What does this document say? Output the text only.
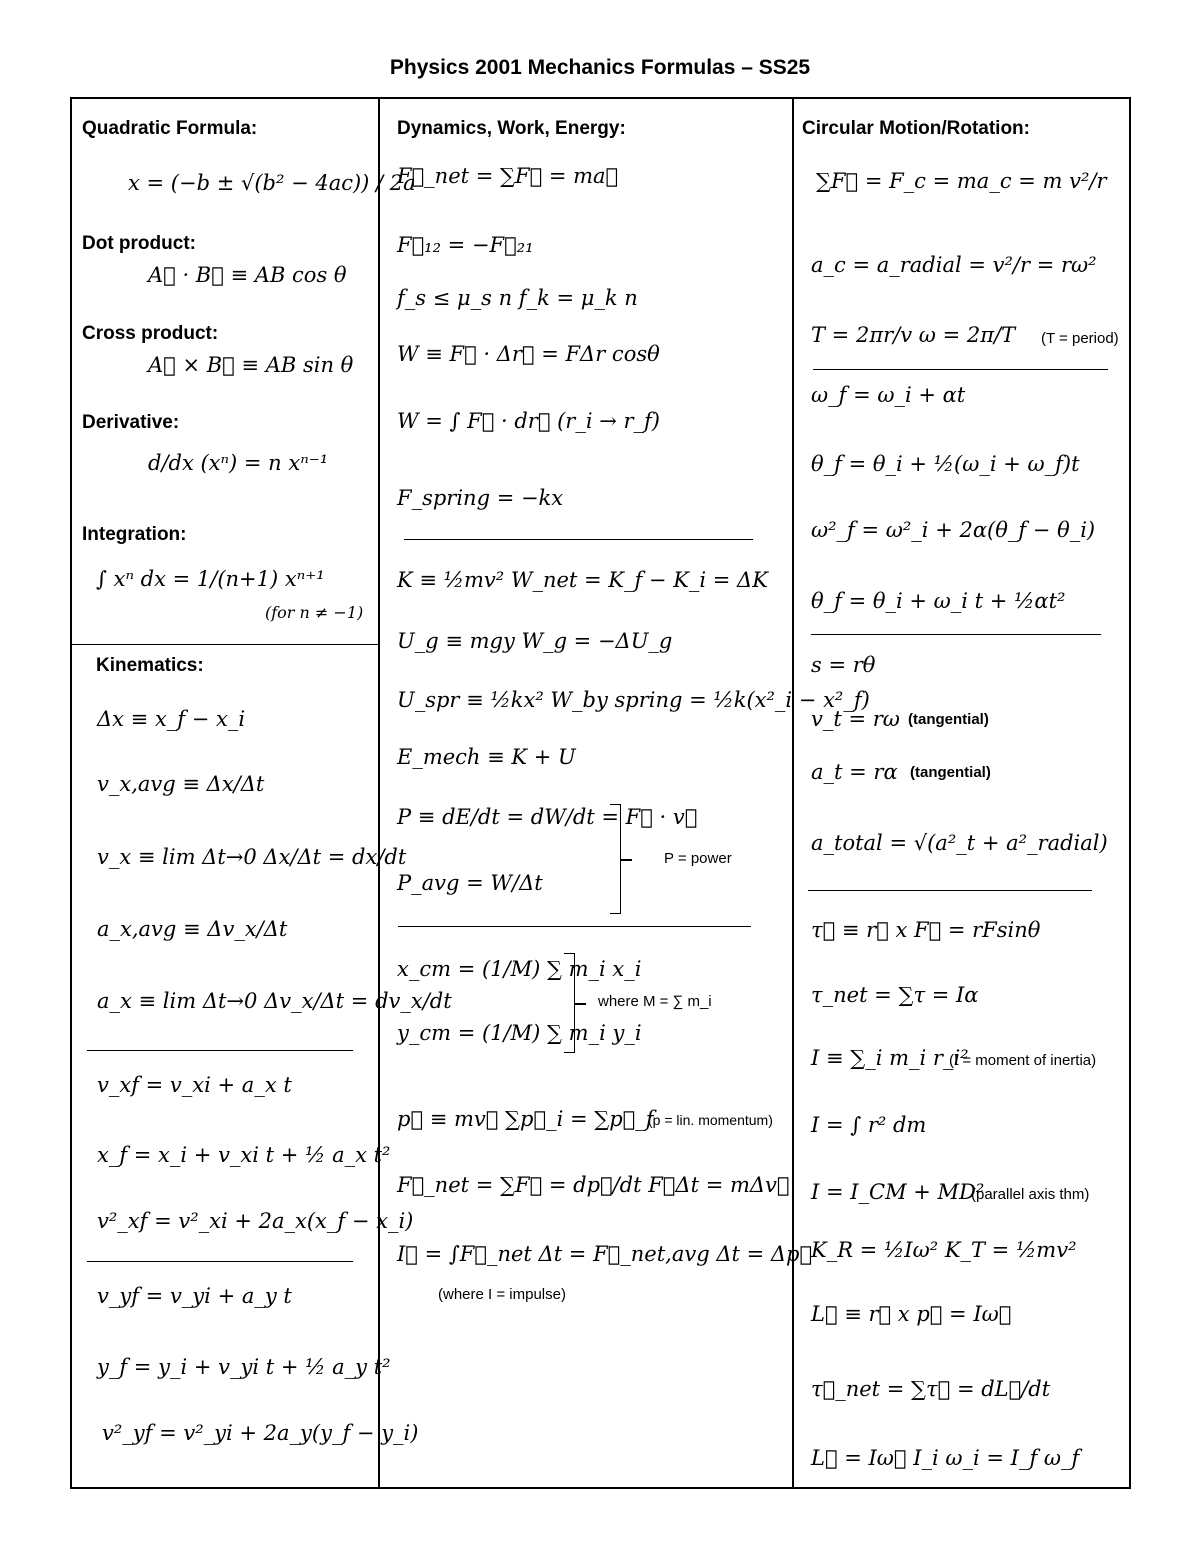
Physics 2001 Mechanics Formulas – SS25
Quadratic Formula:
x = (−b ± √(b² − 4ac)) / 2a
Dot product:
A⃗ · B⃗ ≡ AB cos θ
Cross product:
A⃗ × B⃗ ≡ AB sin θ
Derivative:
d/dx (xⁿ) = n xⁿ⁻¹
Integration:
∫ xⁿ dx = 1/(n+1) xⁿ⁺¹
(for n ≠ −1)
Kinematics:
Δx ≡ x_f − x_i
v_x,avg ≡ Δx/Δt
v_x ≡ lim Δt→0 Δx/Δt = dx/dt
a_x,avg ≡ Δv_x/Δt
a_x ≡ lim Δt→0 Δv_x/Δt = dv_x/dt
v_xf = v_xi + a_x t
x_f = x_i + v_xi t + ½ a_x t²
v²_xf = v²_xi + 2a_x(x_f − x_i)
v_yf = v_yi + a_y t
y_f = y_i + v_yi t + ½ a_y t²
v²_yf = v²_yi + 2a_y(y_f − y_i)
Dynamics, Work, Energy:
F⃗_net = ∑F⃗ = ma⃗
F⃗₁₂ = −F⃗₂₁
f_s ≤ μ_s n f_k = μ_k n
W ≡ F⃗ · Δr⃗ = FΔr cosθ
W = ∫ F⃗ · dr⃗ (r_i → r_f)
F_spring = −kx
K ≡ ½mv² W_net = K_f − K_i = ΔK
U_g ≡ mgy W_g = −ΔU_g
U_spr ≡ ½kx² W_by spring = ½k(x²_i − x²_f)
E_mech ≡ K + U
P ≡ dE/dt = dW/dt = F⃗ · v⃗
P_avg = W/Δt
P = power
x_cm = (1/M) ∑ m_i x_i
y_cm = (1/M) ∑ m_i y_i
where M = ∑ m_i
p⃗ ≡ mv⃗ ∑p⃗_i = ∑p⃗_f
(p = lin. momentum)
F⃗_net = ∑F⃗ = dp⃗/dt F⃗Δt = mΔv⃗
I⃗ = ∫F⃗_net Δt = F⃗_net,avg Δt = Δp⃗
(where I = impulse)
Circular Motion/Rotation:
∑F⃗ = F_c = ma_c = m v²/r
a_c = a_radial = v²/r = rω²
T = 2πr/v ω = 2π/T (T = period)
ω_f = ω_i + αt
θ_f = θ_i + ½(ω_i + ω_f)t
ω²_f = ω²_i + 2α(θ_f − θ_i)
θ_f = θ_i + ω_i t + ½αt²
s = rθ
v_t = rω (tangential)
a_t = rα (tangential)
a_total = √(a²_t + a²_radial)
τ⃗ ≡ r⃗ x F⃗ = rFsinθ
τ_net = ∑τ = Iα
I ≡ ∑_i m_i r_i²
(I = moment of inertia)
I = ∫ r² dm
I = I_CM + MD²
(parallel axis thm)
K_R = ½Iω² K_T = ½mv²
L⃗ ≡ r⃗ x p⃗ = Iω⃗
τ⃗_net = ∑τ⃗ = dL⃗/dt
L⃗ = Iω⃗ I_i ω_i = I_f ω_f
